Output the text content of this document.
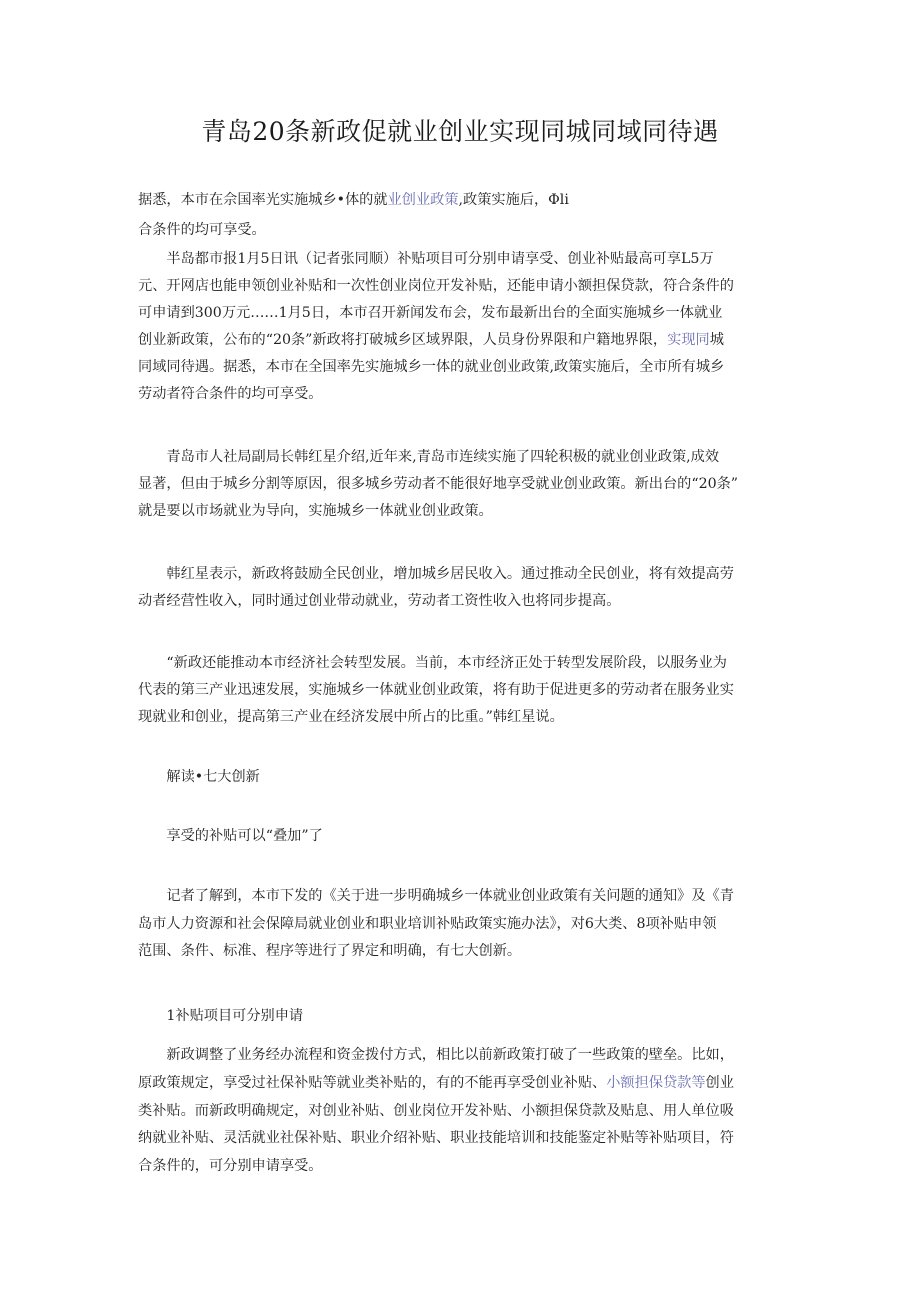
青岛20条新政促就业创业实现同城同域同待遇
据悉，本市在佘国率光实施城乡•体的就业创业政策,政策实施后，Φli
合条件的均可享受。
　　半岛都市报1月5日讯（记者张同顺）补贴项目可分别申请享受、创业补贴最高可享L5万
元、开网店也能申领创业补贴和一次性创业岗位开发补贴，还能申请小额担保贷款，符合条件的
可申请到300万元……1月5日，本市召开新闻发布会，发布最新出台的全面实施城乡一体就业
创业新政策，公布的“20条”新政将打破城乡区域界限，人员身份界限和户籍地界限，实现同城
同域同待遇。据悉，本市在全国率先实施城乡一体的就业创业政策,政策实施后，全市所有城乡
劳动者符合条件的均可享受。
　　青岛市人社局副局长韩红星介绍,近年来,青岛市连续实施了四轮积极的就业创业政策,成效
显著，但由于城乡分割等原因，很多城乡劳动者不能很好地享受就业创业政策。新出台的“20条”
就是要以市场就业为导向，实施城乡一体就业创业政策。
　　韩红星表示，新政将鼓励全民创业，增加城乡居民收入。通过推动全民创业，将有效提高劳
动者经营性收入，同时通过创业带动就业，劳动者工资性收入也将同步提高。
　　“新政还能推动本市经济社会转型发展。当前，本市经济正处于转型发展阶段，以服务业为
代表的第三产业迅速发展，实施城乡一体就业创业政策，将有助于促进更多的劳动者在服务业实
现就业和创业，提高第三产业在经济发展中所占的比重。”韩红星说。
　　解读•七大创新
　　享受的补贴可以“叠加”了
　　记者了解到，本市下发的《关于进一步明确城乡一体就业创业政策有关问题的通知》及《青
岛市人力资源和社会保障局就业创业和职业培训补贴政策实施办法》，对6大类、8项补贴申领
范围、条件、标准、程序等进行了界定和明确，有七大创新。
　　1补贴项目可分别申请
　　新政调整了业务经办流程和资金拨付方式，相比以前新政策打破了一些政策的壁垒。比如，
原政策规定，享受过社保补贴等就业类补贴的，有的不能再享受创业补贴、小额担保贷款等创业
类补贴。而新政明确规定，对创业补贴、创业岗位开发补贴、小额担保贷款及贴息、用人单位吸
纳就业补贴、灵活就业社保补贴、职业介绍补贴、职业技能培训和技能鉴定补贴等补贴项目，符
合条件的，可分别申请享受。
